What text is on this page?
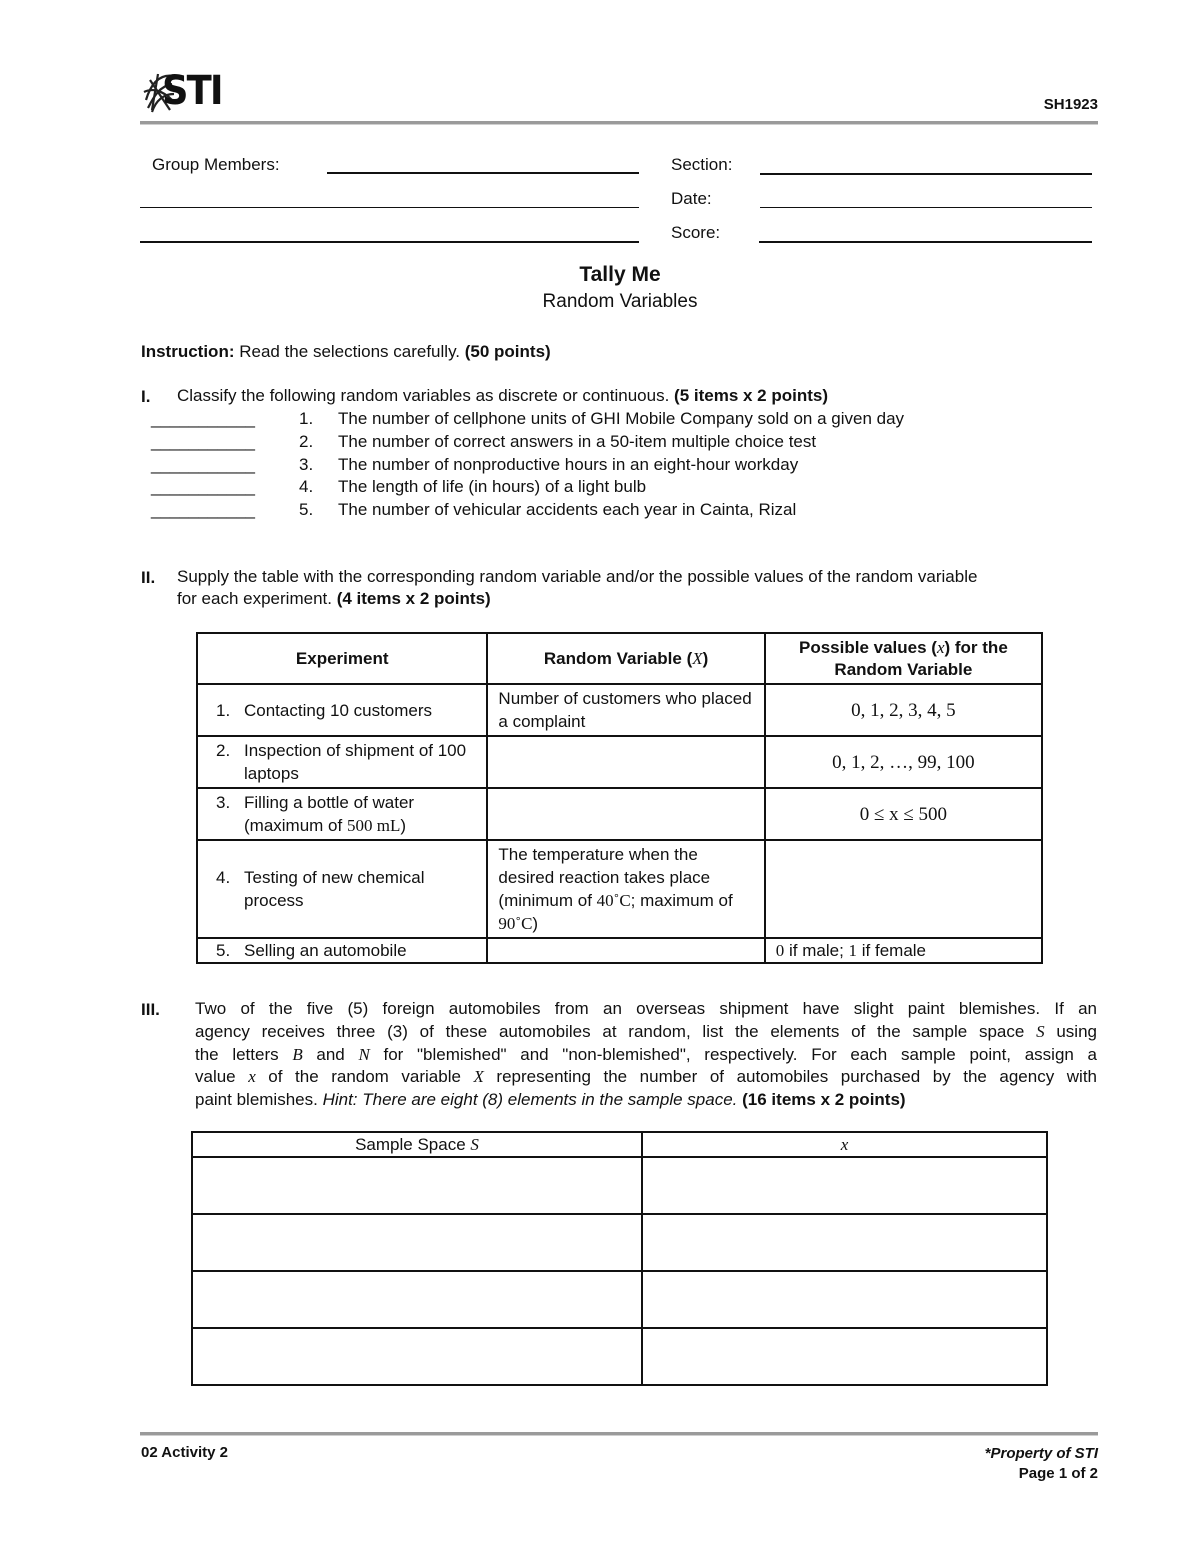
STI	SH1923
Group Members:	Section:
Date:
Score:
Tally Me
Random Variables
Instruction: Read the selections carefully. (50 points)
I. Classify the following random variables as discrete or continuous. (5 items x 2 points)
___________	1. The number of cellphone units of GHI Mobile Company sold on a given day
___________	2. The number of correct answers in a 50-item multiple choice test
___________	3. The number of nonproductive hours in an eight-hour workday
___________	4. The length of life (in hours) of a light bulb
___________	5. The number of vehicular accidents each year in Cainta, Rizal
II. Supply the table with the corresponding random variable and/or the possible values of the random variable
for each experiment. (4 items x 2 points)
Experiment	Random Variable (X)	Possible values (x) for the
Random Variable

1. Contacting 10 customers	Number of customers who placed a complaint	0, 1, 2, 3, 4, 5

2. Inspection of shipment of 100 laptops		0, 1, 2, …, 99, 100

3. Filling a bottle of water (maximum of 500 mL)		0 ≤ x ≤ 500

4. Testing of new chemical process	The temperature when the desired reaction takes place (minimum of 40˚C; maximum of 90˚C)	

5. Selling an automobile		0 if male; 1 if female
III. Two of the five (5) foreign automobiles from an overseas shipment have slight paint blemishes. If an
agency receives three (3) of these automobiles at random, list the elements of the sample space S using
the letters B and N for "blemished" and "non-blemished", respectively. For each sample point, assign a
value x of the random variable X representing the number of automobiles purchased by the agency with
paint blemishes. Hint: There are eight (8) elements in the sample space. (16 items x 2 points)
Sample Space S	x

02 Activity 2	*Property of STI
Page 1 of 2
